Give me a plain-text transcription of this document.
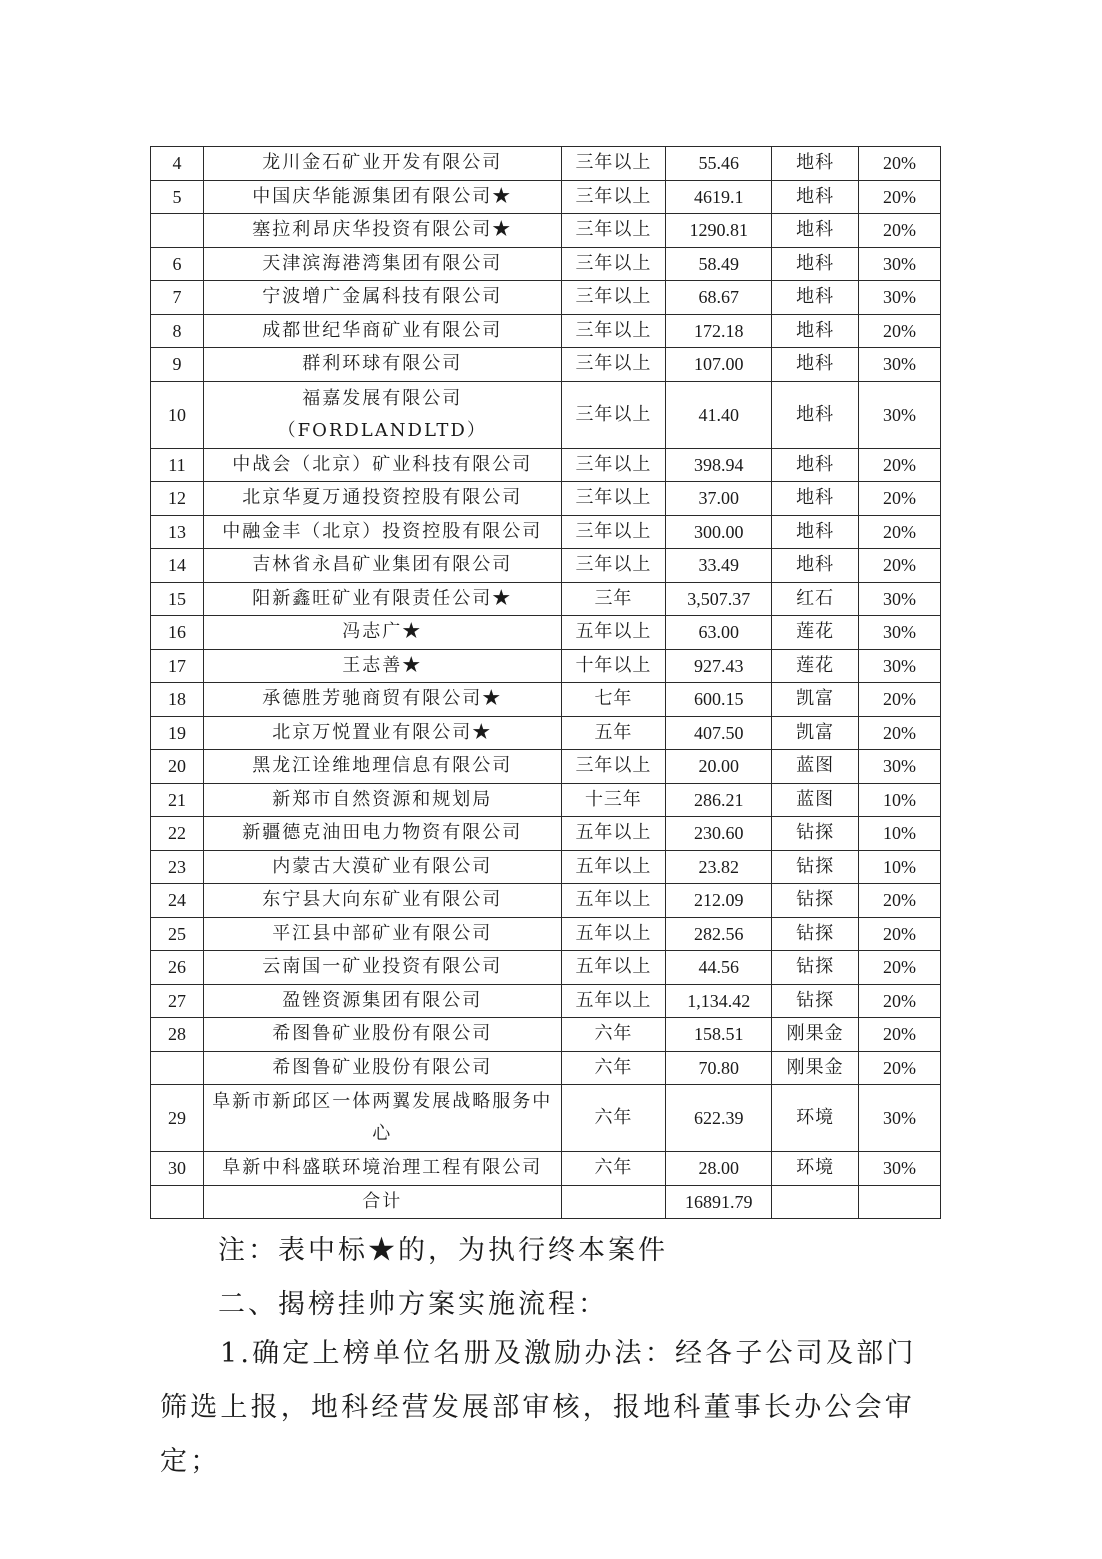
4	龙川金石矿业开发有限公司	三年以上	55.46	地科	20%
5	中国庆华能源集团有限公司★	三年以上	4619.1	地科	20%
	塞拉利昂庆华投资有限公司★	三年以上	1290.81	地科	20%
6	天津滨海港湾集团有限公司	三年以上	58.49	地科	30%
7	宁波增广金属科技有限公司	三年以上	68.67	地科	30%
8	成都世纪华商矿业有限公司	三年以上	172.18	地科	20%
9	群利环球有限公司	三年以上	107.00	地科	30%
10	福嘉发展有限公司（FORDLANDLTD）	三年以上	41.40	地科	30%
11	中战会（北京）矿业科技有限公司	三年以上	398.94	地科	20%
12	北京华夏万通投资控股有限公司	三年以上	37.00	地科	20%
13	中融金丰（北京）投资控股有限公司	三年以上	300.00	地科	20%
14	吉林省永昌矿业集团有限公司	三年以上	33.49	地科	20%
15	阳新鑫旺矿业有限责任公司★	三年	3,507.37	红石	30%
16	冯志广★	五年以上	63.00	莲花	30%
17	王志善★	十年以上	927.43	莲花	30%
18	承德胜芳驰商贸有限公司★	七年	600.15	凯富	20%
19	北京万悦置业有限公司★	五年	407.50	凯富	20%
20	黑龙江诠维地理信息有限公司	三年以上	20.00	蓝图	30%
21	新郑市自然资源和规划局	十三年	286.21	蓝图	10%
22	新疆德克油田电力物资有限公司	五年以上	230.60	钻探	10%
23	内蒙古大漠矿业有限公司	五年以上	23.82	钻探	10%
24	东宁县大向东矿业有限公司	五年以上	212.09	钻探	20%
25	平江县中部矿业有限公司	五年以上	282.56	钻探	20%
26	云南国一矿业投资有限公司	五年以上	44.56	钻探	20%
27	盈锉资源集团有限公司	五年以上	1,134.42	钻探	20%
28	希图鲁矿业股份有限公司	六年	158.51	刚果金	20%
	希图鲁矿业股份有限公司	六年	70.80	刚果金	20%
29	阜新市新邱区一体两翼发展战略服务中心	六年	622.39	环境	30%
30	阜新中科盛联环境治理工程有限公司	六年	28.00	环境	30%
	合计		16891.79		
注：表中标★的，为执行终本案件
二、揭榜挂帅方案实施流程：
1.确定上榜单位名册及激励办法：经各子公司及部门筛选上报，地科经营发展部审核，报地科董事长办公会审定；
